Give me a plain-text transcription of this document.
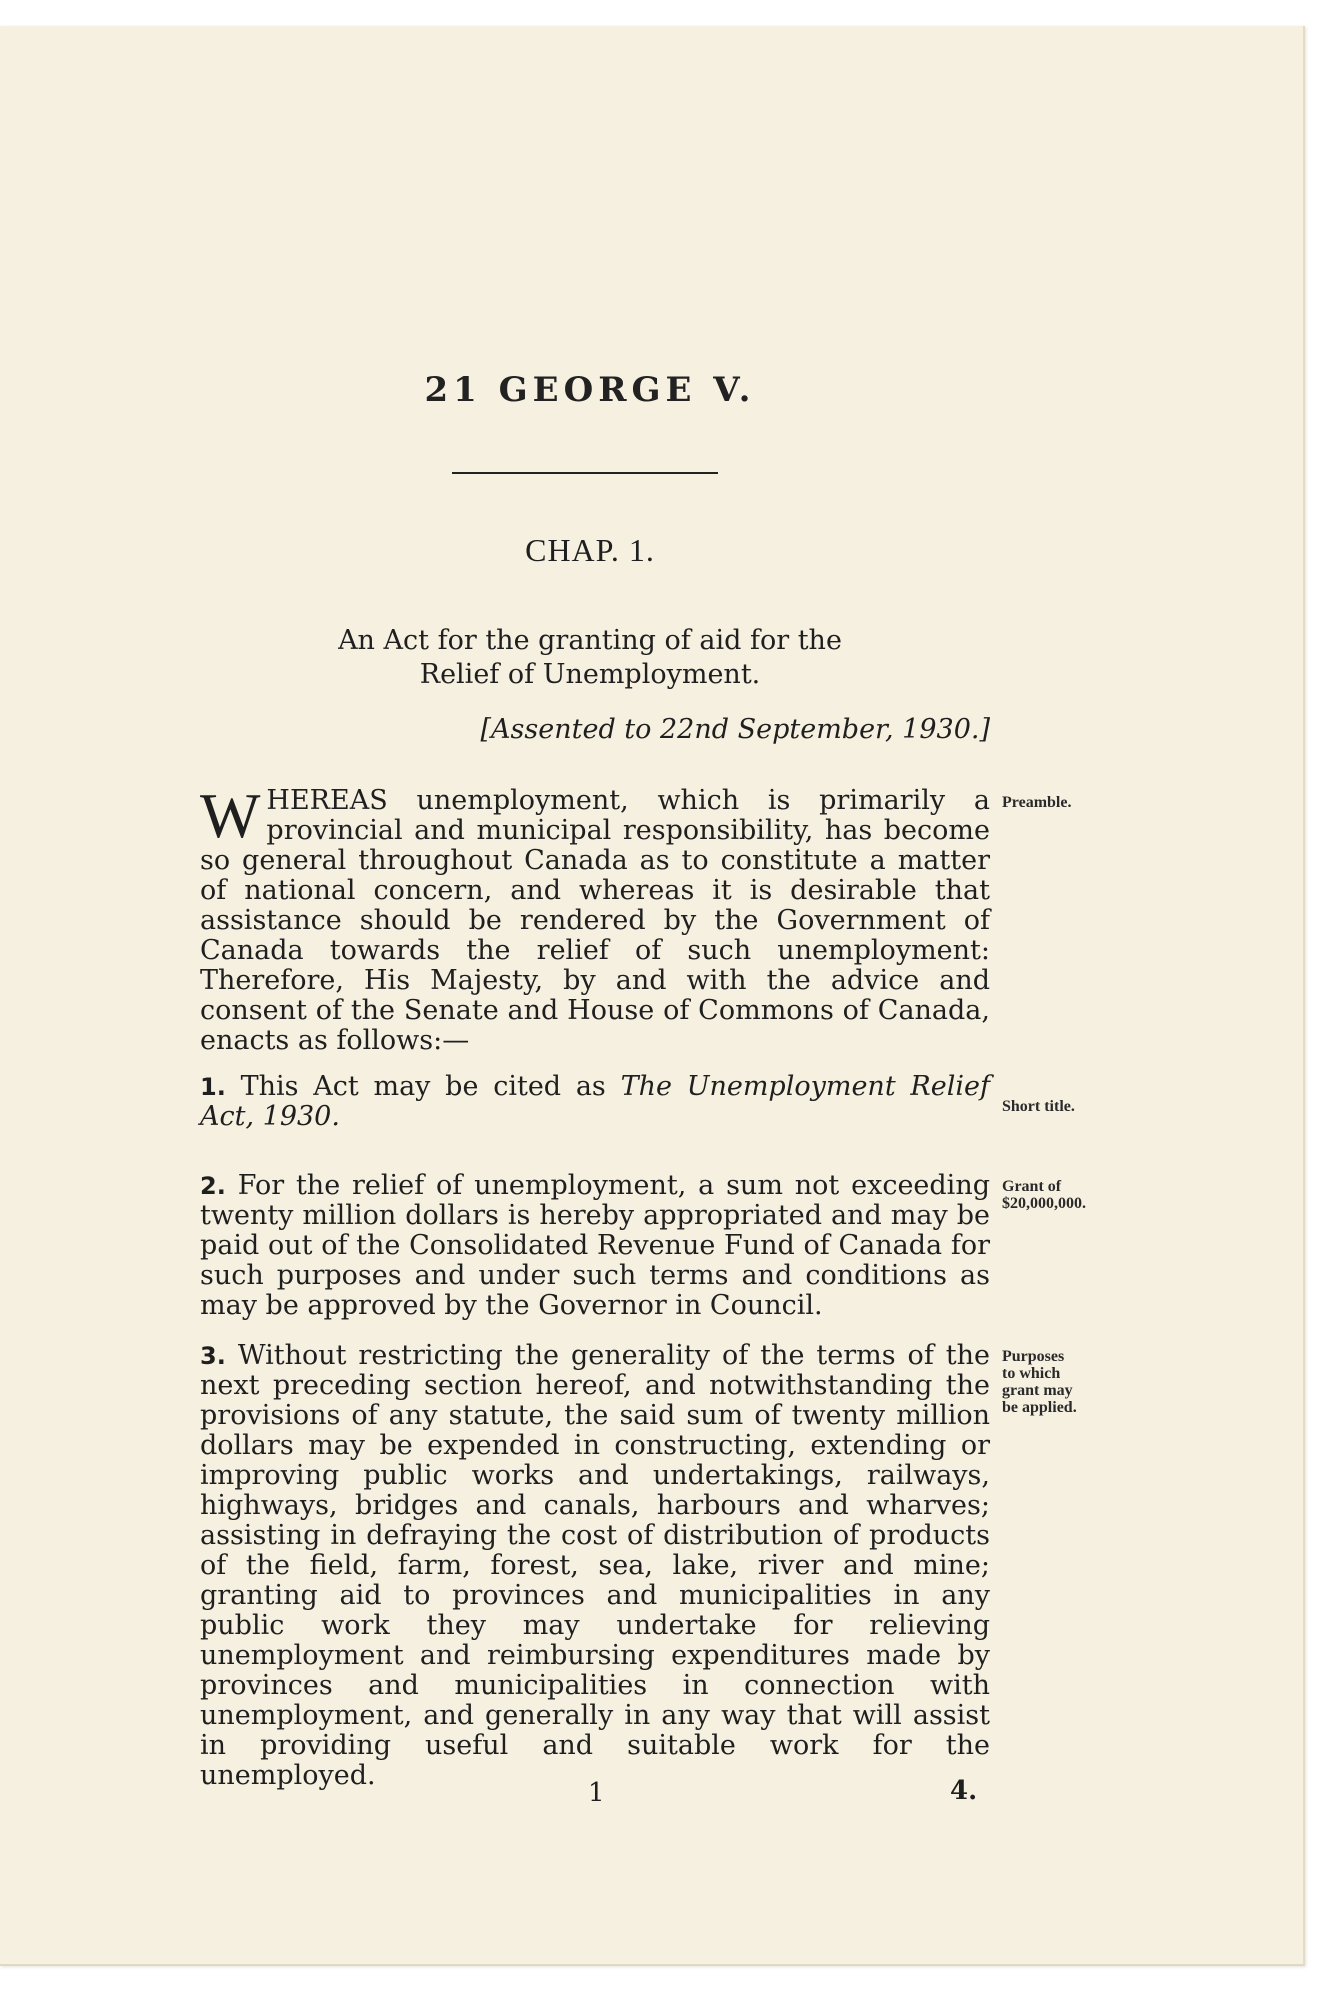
21 GEORGE V.
CHAP. 1.
An Act for the granting of aid for the
Relief of Unemployment.
[Assented to 22nd September, 1930.]
WHEREAS unemployment, which is primarily a provincial and municipal responsibility, has become so general throughout Canada as to constitute a matter of national concern, and whereas it is desirable that assistance should be rendered by the Government of Canada towards the relief of such unemployment: Therefore, His Majesty, by and with the advice and consent of the Senate and House of Commons of Canada, enacts as follows:—
Preamble.
1. This Act may be cited as The Unemployment Relief Act, 1930.	Short title.
2. For the relief of unemployment, a sum not exceeding twenty million dollars is hereby appropriated and may be paid out of the Consolidated Revenue Fund of Canada for such purposes and under such terms and conditions as may be approved by the Governor in Council.
Grant of
$20,000,000.
3. Without restricting the generality of the terms of the next preceding section hereof, and notwithstanding the provisions of any statute, the said sum of twenty million dollars may be expended in constructing, extending or improving public works and undertakings, railways, highways, bridges and canals, harbours and wharves; assisting in defraying the cost of distribution of products of the field, farm, forest, sea, lake, river and mine; granting aid to provinces and municipalities in any public work they may undertake for relieving unemployment and reimbursing expenditures made by provinces and municipalities in connection with unemployment, and generally in any way that will assist in providing useful and suitable work for the unemployed.
Purposes
to which
grant may
be applied.
1	4.
